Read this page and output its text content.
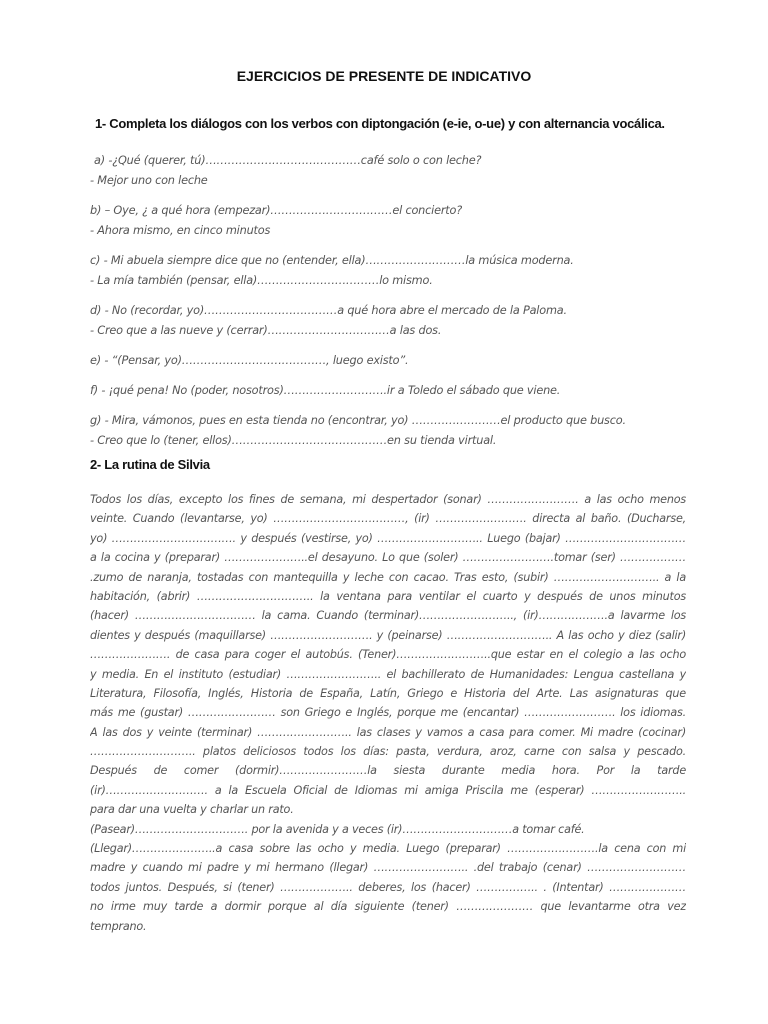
EJERCICIOS DE PRESENTE DE INDICATIVO
1- Completa los diálogos con los verbos con diptongación (e-ie, o-ue) y con alternancia vocálica.
a) -¿Qué (querer, tú)……………………………………café solo o con leche?
- Mejor uno con leche
b) – Oye, ¿ a qué hora (empezar)……………………………el concierto?
- Ahora mismo, en cinco minutos
c) - Mi abuela siempre dice que no (entender, ella)………………………la música moderna.
- La mía también (pensar, ella)……………………………lo mismo.
d) - No (recordar, yo)………………………………a qué hora abre el mercado de la Paloma.
- Creo que a las nueve y (cerrar)……………………………a las dos.
e) - “(Pensar, yo)…………………………………, luego existo”.
f) - ¡qué pena! No (poder, nosotros)……………………….ir a Toledo el sábado que viene.
g) - Mira, vámonos, pues en esta tienda no (encontrar, yo) ……………………el producto que busco.
- Creo que lo (tener, ellos)……………………………………en su tienda virtual.
2- La rutina de Silvia
Todos los días, excepto los fines de semana, mi despertador (sonar) ……………………. a las ocho menos
veinte. Cuando (levantarse, yo) ………………………………, (ir) ……………………. directa al baño. (Ducharse,
yo) ……………………………. y después (vestirse, yo) ……………………….. Luego (bajar) ……………………………
a la cocina y (preparar) …………………..el desayuno. Lo que (soler) …………………….tomar (ser) ………………
.zumo de naranja, tostadas con mantequilla y leche con cacao. Tras esto, (subir) ……………………….. a la
habitación, (abrir) ………………………….. la ventana para ventilar el cuarto y después de unos minutos
(hacer) …………………………… la cama. Cuando (terminar)…………………….., (ir)……………….a lavarme los
dientes y después (maquillarse) ………………………. y (peinarse) ……………………….. A las ocho y diez (salir)
…………………. de casa para coger el autobús. (Tener)……………………..que estar en el colegio a las ocho
y media. En el instituto (estudiar) …………………….. el bachillerato de Humanidades: Lengua castellana y
Literatura, Filosofía, Inglés, Historia de España, Latín, Griego e Historia del Arte. Las asignaturas que
más me (gustar) …………………… son Griego e Inglés, porque me (encantar) ……………………. los idiomas.
A las dos y veinte (terminar) …………………….. las clases y vamos a casa para comer. Mi madre (cocinar)
……………………….. platos deliciosos todos los días: pasta, verdura, aroz, carne con salsa y pescado.
Después de comer (dormir)……………………la siesta durante media hora. Por la tarde
(ir)………………………. a la Escuela Oficial de Idiomas mi amiga Priscila me (esperar) ……………………..
para dar una vuelta y charlar un rato.
(Pasear)…………………………. por la avenida y a veces (ir)…………………………a tomar café.
(Llegar)…………………..a casa sobre las ocho y media. Luego (preparar) …………………….la cena con mi
madre y cuando mi padre y mi hermano (llegar) …………………….. .del trabajo (cenar) ………………………
todos juntos. Después, si (tener) ……………….. deberes, los (hacer) …………….. . (Intentar) …………………
no irme muy tarde a dormir porque al día siguiente (tener) ………………… que levantarme otra vez
temprano.
